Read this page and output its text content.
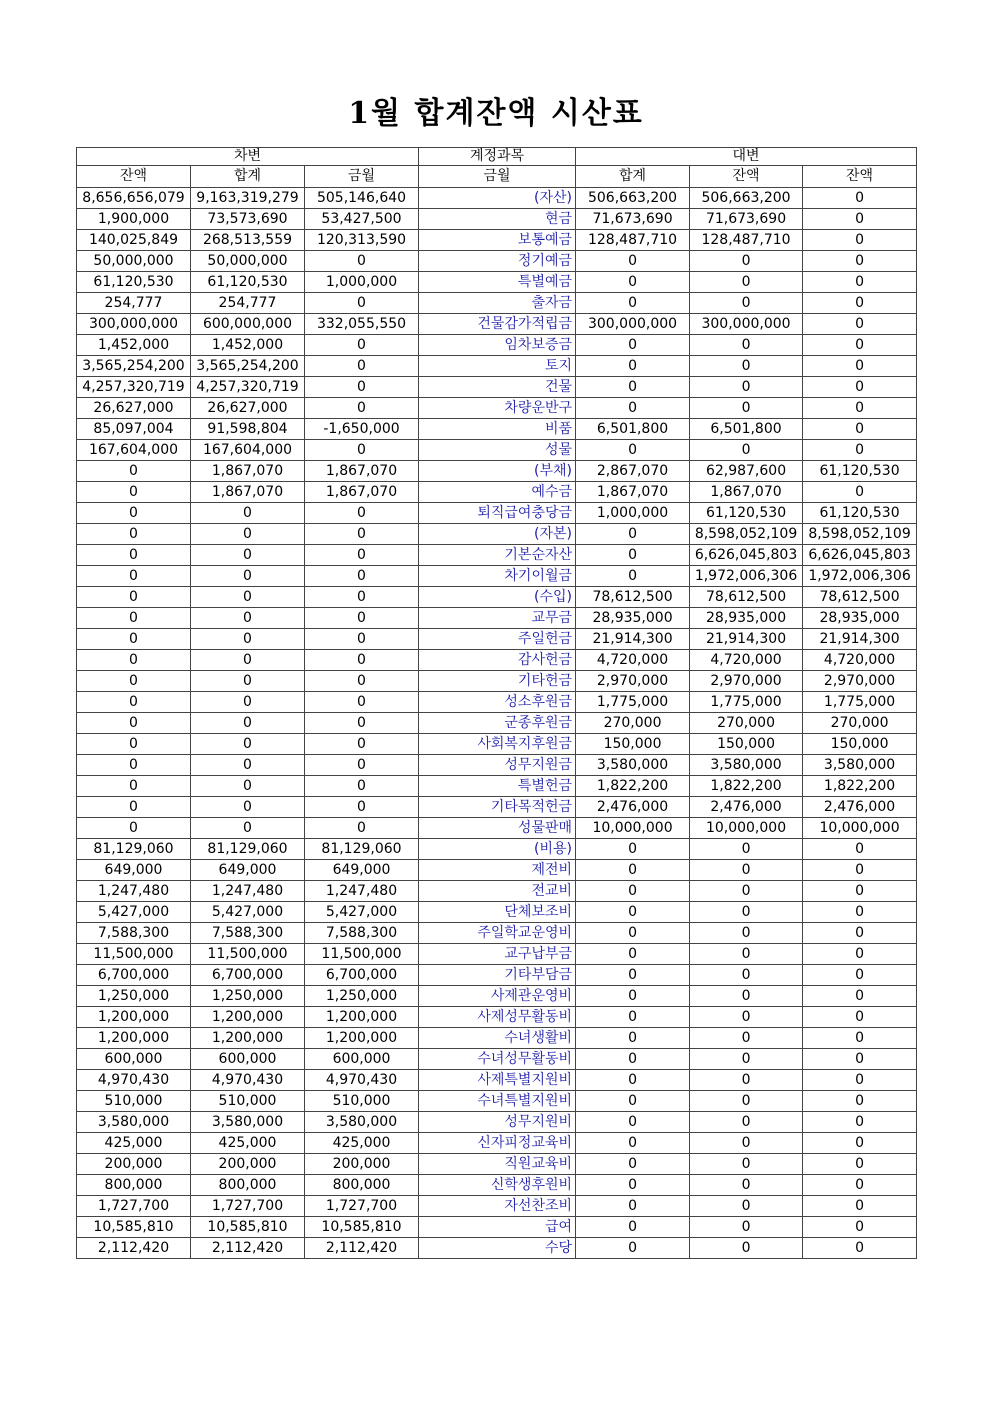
1월 합계잔액 시산표
차변			계정과목	대변		
잔액	합계	금월	금월	합계	잔액	잔액
8,656,656,079	9,163,319,279	505,146,640	(자산)	506,663,200	506,663,200	0
1,900,000	73,573,690	53,427,500	현금	71,673,690	71,673,690	0
140,025,849	268,513,559	120,313,590	보통예금	128,487,710	128,487,710	0
50,000,000	50,000,000	0	정기예금	0	0	0
61,120,530	61,120,530	1,000,000	특별예금	0	0	0
254,777	254,777	0	출자금	0	0	0
300,000,000	600,000,000	332,055,550	건물감가적립금	300,000,000	300,000,000	0
1,452,000	1,452,000	0	임차보증금	0	0	0
3,565,254,200	3,565,254,200	0	토지	0	0	0
4,257,320,719	4,257,320,719	0	건물	0	0	0
26,627,000	26,627,000	0	차량운반구	0	0	0
85,097,004	91,598,804	-1,650,000	비품	6,501,800	6,501,800	0
167,604,000	167,604,000	0	성물	0	0	0
0	1,867,070	1,867,070	(부채)	2,867,070	62,987,600	61,120,530
0	1,867,070	1,867,070	예수금	1,867,070	1,867,070	0
0	0	0	퇴직급여충당금	1,000,000	61,120,530	61,120,530
0	0	0	(자본)	0	8,598,052,109	8,598,052,109
0	0	0	기본순자산	0	6,626,045,803	6,626,045,803
0	0	0	차기이월금	0	1,972,006,306	1,972,006,306
0	0	0	(수입)	78,612,500	78,612,500	78,612,500
0	0	0	교무금	28,935,000	28,935,000	28,935,000
0	0	0	주일헌금	21,914,300	21,914,300	21,914,300
0	0	0	감사헌금	4,720,000	4,720,000	4,720,000
0	0	0	기타헌금	2,970,000	2,970,000	2,970,000
0	0	0	성소후원금	1,775,000	1,775,000	1,775,000
0	0	0	군종후원금	270,000	270,000	270,000
0	0	0	사회복지후원금	150,000	150,000	150,000
0	0	0	성무지원금	3,580,000	3,580,000	3,580,000
0	0	0	특별헌금	1,822,200	1,822,200	1,822,200
0	0	0	기타목적헌금	2,476,000	2,476,000	2,476,000
0	0	0	성물판매	10,000,000	10,000,000	10,000,000
81,129,060	81,129,060	81,129,060	(비용)	0	0	0
649,000	649,000	649,000	제전비	0	0	0
1,247,480	1,247,480	1,247,480	전교비	0	0	0
5,427,000	5,427,000	5,427,000	단체보조비	0	0	0
7,588,300	7,588,300	7,588,300	주일학교운영비	0	0	0
11,500,000	11,500,000	11,500,000	교구납부금	0	0	0
6,700,000	6,700,000	6,700,000	기타부담금	0	0	0
1,250,000	1,250,000	1,250,000	사제관운영비	0	0	0
1,200,000	1,200,000	1,200,000	사제성무활동비	0	0	0
1,200,000	1,200,000	1,200,000	수녀생활비	0	0	0
600,000	600,000	600,000	수녀성무활동비	0	0	0
4,970,430	4,970,430	4,970,430	사제특별지원비	0	0	0
510,000	510,000	510,000	수녀특별지원비	0	0	0
3,580,000	3,580,000	3,580,000	성무지원비	0	0	0
425,000	425,000	425,000	신자피정교육비	0	0	0
200,000	200,000	200,000	직원교육비	0	0	0
800,000	800,000	800,000	신학생후원비	0	0	0
1,727,700	1,727,700	1,727,700	자선찬조비	0	0	0
10,585,810	10,585,810	10,585,810	급여	0	0	0
2,112,420	2,112,420	2,112,420	수당	0	0	0
